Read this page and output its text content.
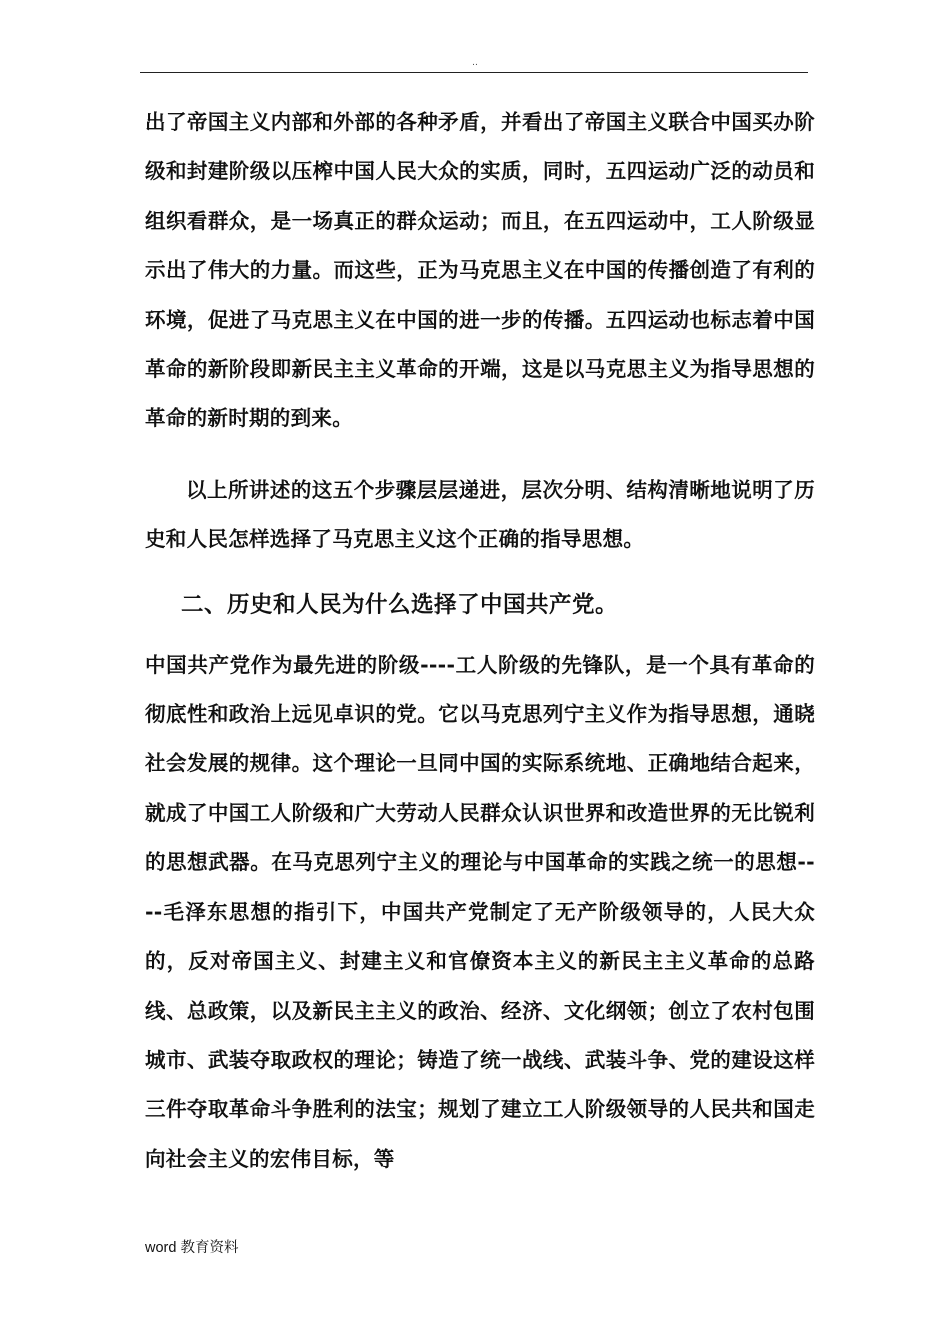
..

出了帝国主义内部和外部的各种矛盾，并看出了帝国主义联合中国买办阶级和封建阶级以压榨中国人民大众的实质，同时，五四运动广泛的动员和组织看群众，是一场真正的群众运动；而且，在五四运动中，工人阶级显示出了伟大的力量。而这些，正为马克思主义在中国的传播创造了有利的环境，促进了马克思主义在中国的进一步的传播。五四运动也标志着中国革命的新阶段即新民主主义革命的开端，这是以马克思主义为指导思想的革命的新时期的到来。

以上所讲述的这五个步骤层层递进，层次分明、结构清晰地说明了历史和人民怎样选择了马克思主义这个正确的指导思想。

二、历史和人民为什么选择了中国共产党。

中国共产党作为最先进的阶级----工人阶级的先锋队，是一个具有革命的彻底性和政治上远见卓识的党。它以马克思列宁主义作为指导思想，通晓社会发展的规律。这个理论一旦同中国的实际系统地、正确地结合起来，就成了中国工人阶级和广大劳动人民群众认识世界和改造世界的无比锐利的思想武器。在马克思列宁主义的理论与中国革命的实践之统一的思想----毛泽东思想的指引下，中国共产党制定了无产阶级领导的，人民大众的，反对帝国主义、封建主义和官僚资本主义的新民主主义革命的总路线、总政策，以及新民主主义的政治、经济、文化纲领；创立了农村包围城市、武装夺取政权的理论；铸造了统一战线、武装斗争、党的建设这样三件夺取革命斗争胜利的法宝；规划了建立工人阶级领导的人民共和国走向社会主义的宏伟目标，等

word 教育资料
